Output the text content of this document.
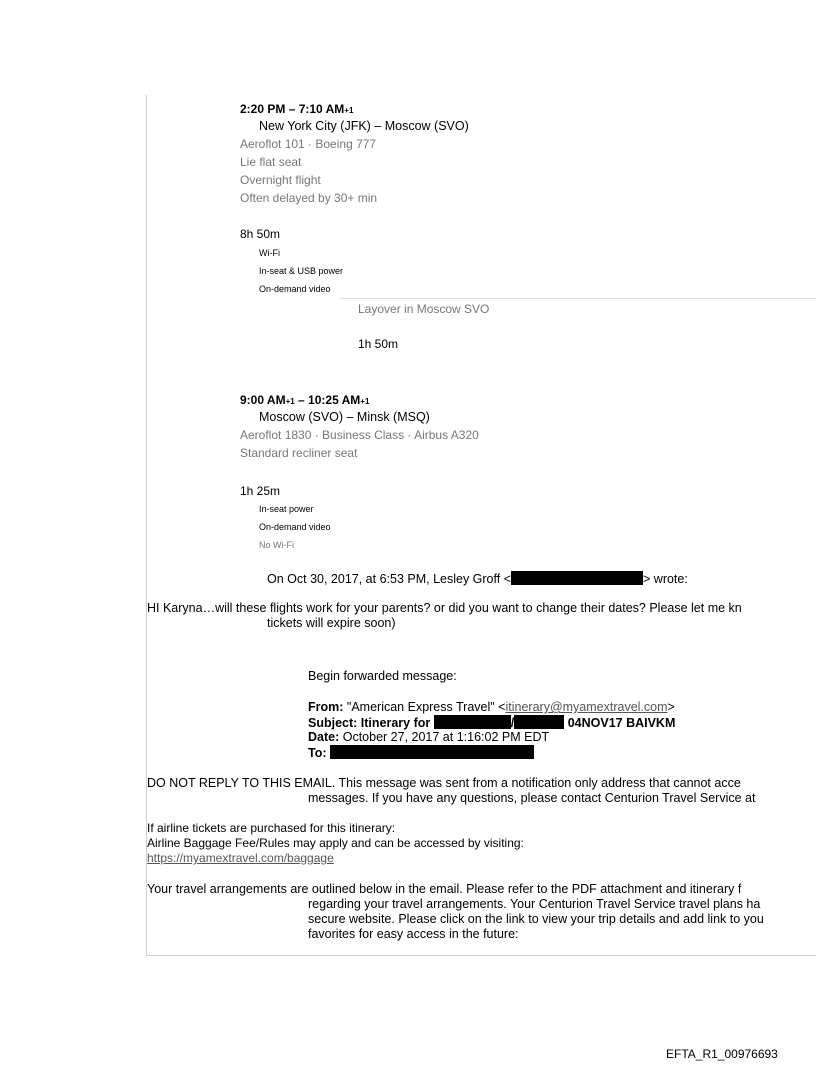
2:20 PM – 7:10 AM+1
New York City (JFK) – Moscow (SVO)
Aeroflot 101 · Boeing 777
Lie flat seat
Overnight flight
Often delayed by 30+ min
8h 50m
Wi-Fi
In-seat & USB power
On-demand video
Layover in Moscow SVO
1h 50m
9:00 AM+1 – 10:25 AM+1
Moscow (SVO) – Minsk (MSQ)
Aeroflot 1830 · Business Class · Airbus A320
Standard recliner seat
1h 25m
In-seat power
On-demand video
No Wi-Fi
On Oct 30, 2017, at 6:53 PM, Lesley Groff <	> wrote:
HI Karyna…will these flights work for your parents? or did you want to change their dates? Please let me kn
tickets will expire soon)
Begin forwarded message:
From: "American Express Travel" <itinerary@myamextravel.com>
Subject: Itinerary for	/	04NOV17 BAIVKM
Date: October 27, 2017 at 1:16:02 PM EDT
To:
DO NOT REPLY TO THIS EMAIL. This message was sent from a notification only address that cannot acce
messages. If you have any questions, please contact Centurion Travel Service at
If airline tickets are purchased for this itinerary:
Airline Baggage Fee/Rules may apply and can be accessed by visiting:
https://myamextravel.com/baggage
Your travel arrangements are outlined below in the email. Please refer to the PDF attachment and itinerary f
regarding your travel arrangements. Your Centurion Travel Service travel plans ha
secure website. Please click on the link to view your trip details and add link to you
favorites for easy access in the future:
EFTA_R1_00976693
